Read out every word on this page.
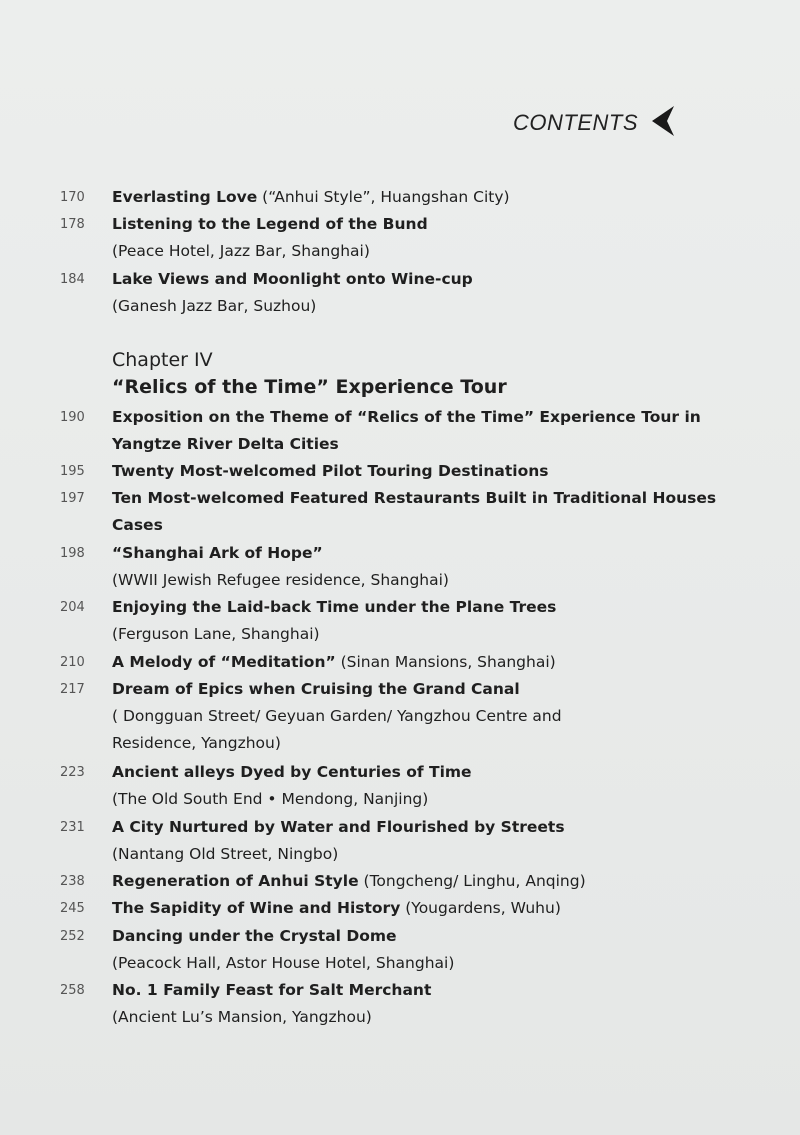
CONTENTS
170	Everlasting Love (“Anhui Style”, Huangshan City)
178	Listening to the Legend of the Bund
(Peace Hotel, Jazz Bar, Shanghai)
184	Lake Views and Moonlight onto Wine-cup
(Ganesh Jazz Bar, Suzhou)
Chapter IV
“Relics of the Time” Experience Tour
190	Exposition on the Theme of “Relics of the Time” Experience Tour in
Yangtze River Delta Cities
195	Twenty Most-welcomed Pilot Touring Destinations
197	Ten Most-welcomed Featured Restaurants Built in Traditional Houses
Cases
198	“Shanghai Ark of Hope”
(WWII Jewish Refugee residence, Shanghai)
204	Enjoying the Laid-back Time under the Plane Trees
(Ferguson Lane, Shanghai)
210	A Melody of “Meditation” (Sinan Mansions, Shanghai)
217	Dream of Epics when Cruising the Grand Canal
( Dongguan Street/ Geyuan Garden/ Yangzhou Centre and
Residence, Yangzhou)
223	Ancient alleys Dyed by Centuries of Time
(The Old South End • Mendong, Nanjing)
231	A City Nurtured by Water and Flourished by Streets
(Nantang Old Street, Ningbo)
238	Regeneration of Anhui Style (Tongcheng/ Linghu, Anqing)
245	The Sapidity of Wine and History (Yougardens, Wuhu)
252	Dancing under the Crystal Dome
(Peacock Hall, Astor House Hotel, Shanghai)
258	No. 1 Family Feast for Salt Merchant
(Ancient Lu’s Mansion, Yangzhou)
